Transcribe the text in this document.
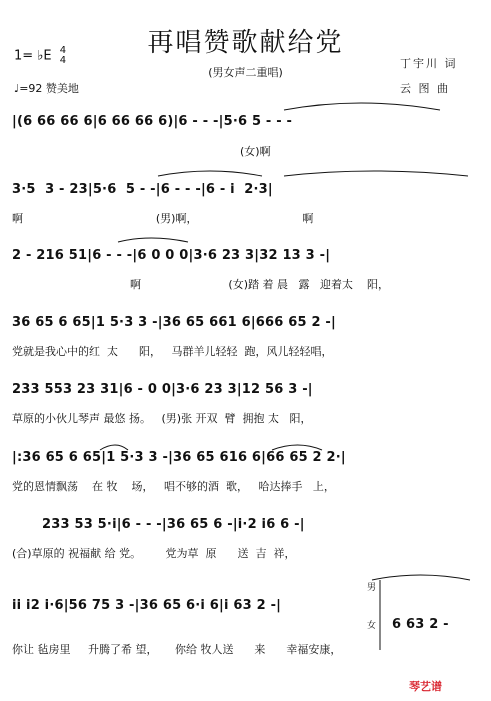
再唱赞歌献给党
(男女声二重唱)
1= ♭E 4
4
♩=92 赞美地
丁宇川 词
云 图 曲
|(6 66 66 6|6 66 66 6)|6 - - -|5·6 5 - - -
(女)啊
3·5  3 - 23|5·6  5 - -|6 - - -|6 - i  2·3|
啊                                      (男)啊，                              啊
2 - 216 51|6 - - -|6 0 0 0|3·6 23 3|32 13 3 -|
啊                         (女)踏 着 晨   露   迎着太    阳，
36 65 6 65|1 5·3 3 -|36 65 661 6|666 65 2 -|
党就是我心中的红  太      阳，   马群羊儿轻轻  跑，风儿轻轻唱，
233 553 23 31|6 - 0 0|3·6 23 3|12 56 3 -|
草原的小伙儿琴声 最悠 扬。   (男)张 开双  臂  拥抱 太   阳，
|:36 65 6 65|1 5·3 3 -|36 65 616 6|66 65 2 2·|
党的恩情飘荡    在 牧    场，   唱不够的酒  歌，   哈达捧手   上，
233 53 5·i|6 - - -|36 65 6 -|i·2 i6 6 -|
(合)草原的 祝福献 给 党。       党为草  原      送  吉  祥，
ii i2 i·6|56 75 3 -|36 65 6·i 6|i 63 2 -|
6 63 2 -
你让 毡房里     升腾了希 望，     你给 牧人送      来      幸福安康，
男
女
琴艺谱
